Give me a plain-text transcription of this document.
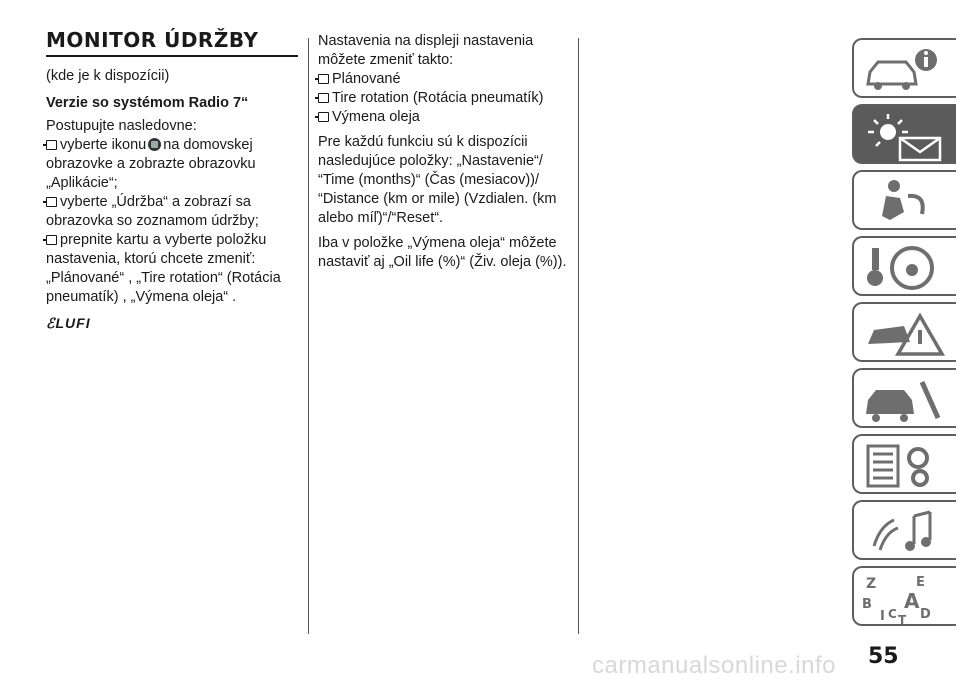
MONITOR ÚDRŽBY

(kde je k dispozícii)

Verzie so systémom Radio 7“

Postupujte nasledovne:

vyberte ikonu na domovskej

obrazovke a zobrazte obrazovku

„Aplikácie“;

vyberte „Údržba“ a zobrazí sa

obrazovka so zoznamom údržby;

prepnite kartu a vyberte položku

nastavenia, ktorú chcete zmeniť:

„Plánované“ , „Tire rotation“ (Rotácia

pneumatík) , „Výmena oleja“ .

ℰLUFI

Nastavenia na displeji nastavenia

môžete zmeniť takto:

Plánované

Tire rotation (Rotácia pneumatík)

Výmena oleja

Pre každú funkciu sú k dispozícii

nasledujúce položky: „Nastavenie“/

“Time (months)“ (Čas (mesiacov))/

“Distance (km or mile) (Vzdialen. (km

alebo míľ)“/“Reset“.

Iba v položke „Výmena oleja“ môžete

nastaviť aj „Oil life (%)“ (Živ. oleja (%)).

Z	E
B A
I C D
T
carmanualsonline.info 55
